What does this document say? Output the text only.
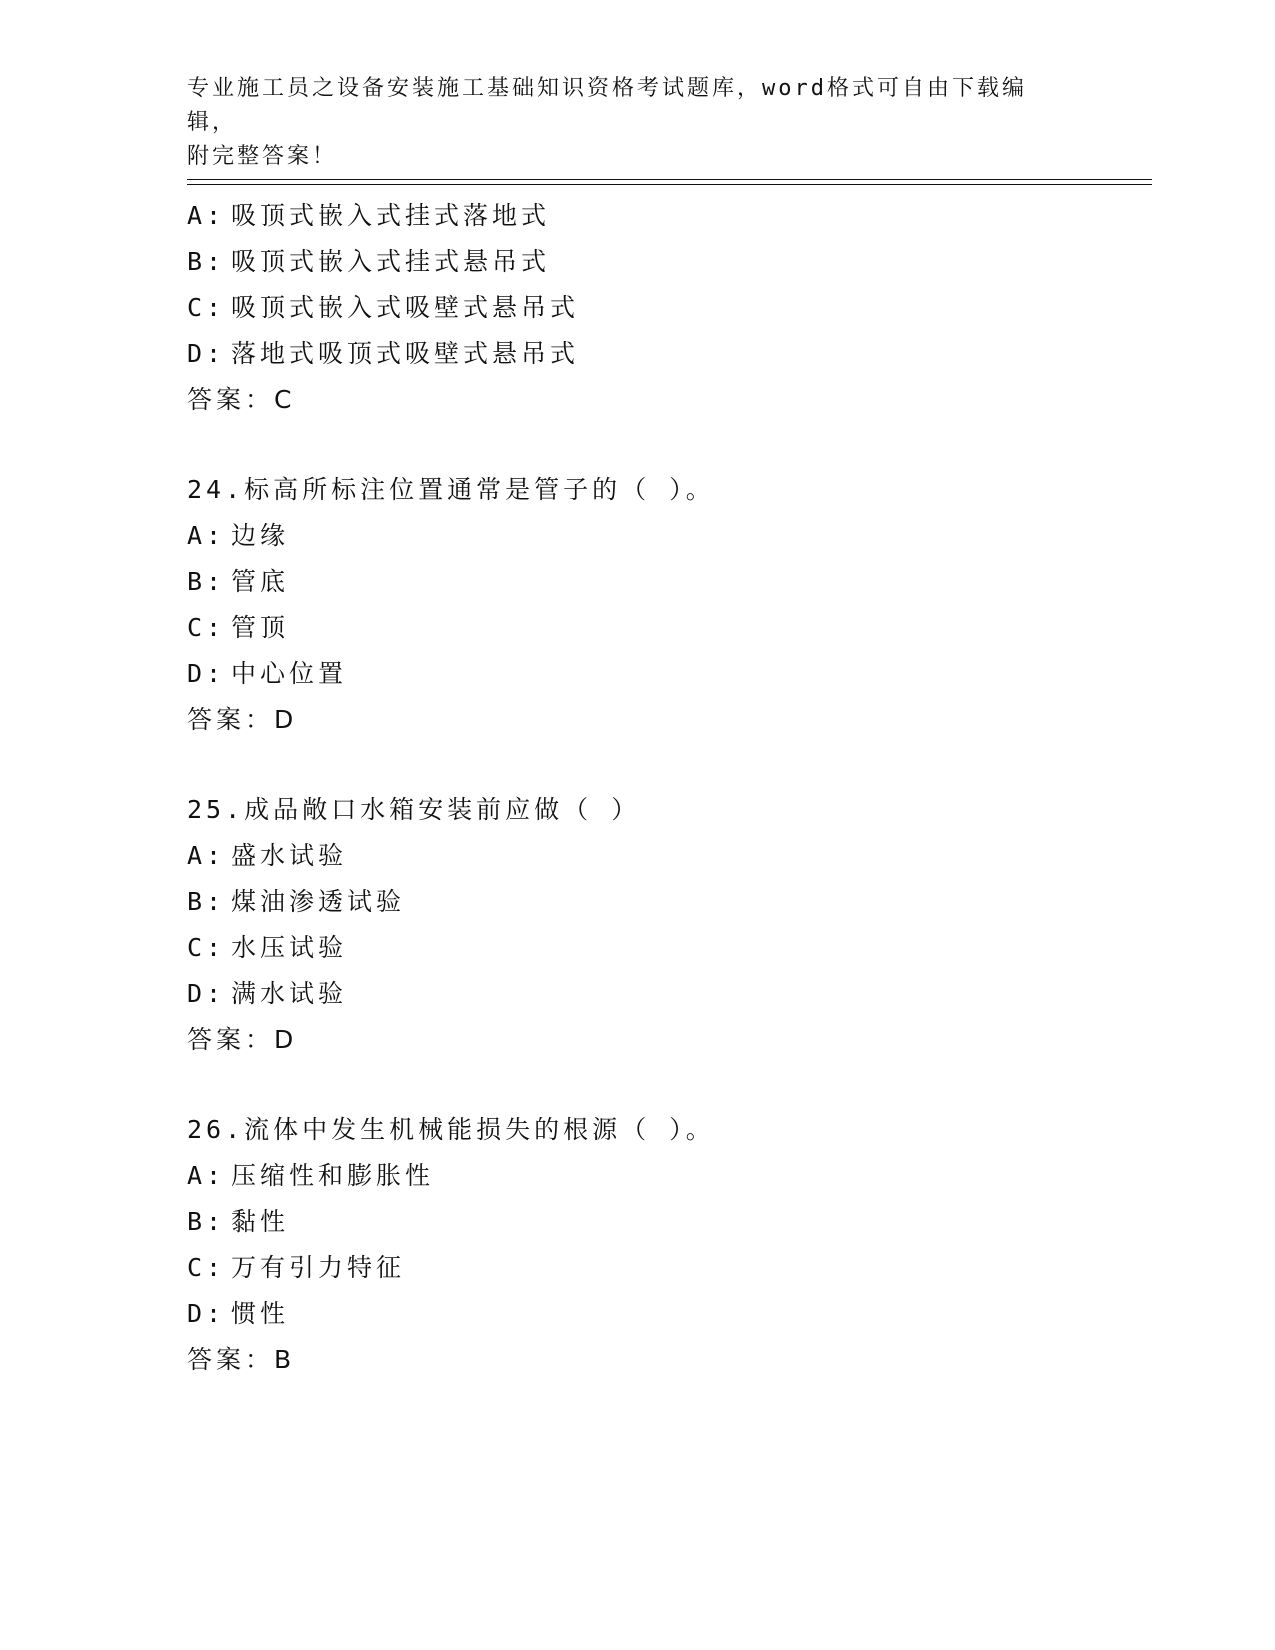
专业施工员之设备安装施工基础知识资格考试题库，word格式可自由下载编辑，
附完整答案！
A: 吸顶式嵌入式挂式落地式
B: 吸顶式嵌入式挂式悬吊式
C: 吸顶式嵌入式吸壁式悬吊式
D: 落地式吸顶式吸壁式悬吊式
答案：C
24.标高所标注位置通常是管子的（ ）。
A: 边缘
B: 管底
C: 管顶
D: 中心位置
答案：D
25.成品敞口水箱安装前应做（ ）
A: 盛水试验
B: 煤油渗透试验
C: 水压试验
D: 满水试验
答案：D
26.流体中发生机械能损失的根源（ ）。
A: 压缩性和膨胀性
B: 黏性
C: 万有引力特征
D: 惯性
答案：B
